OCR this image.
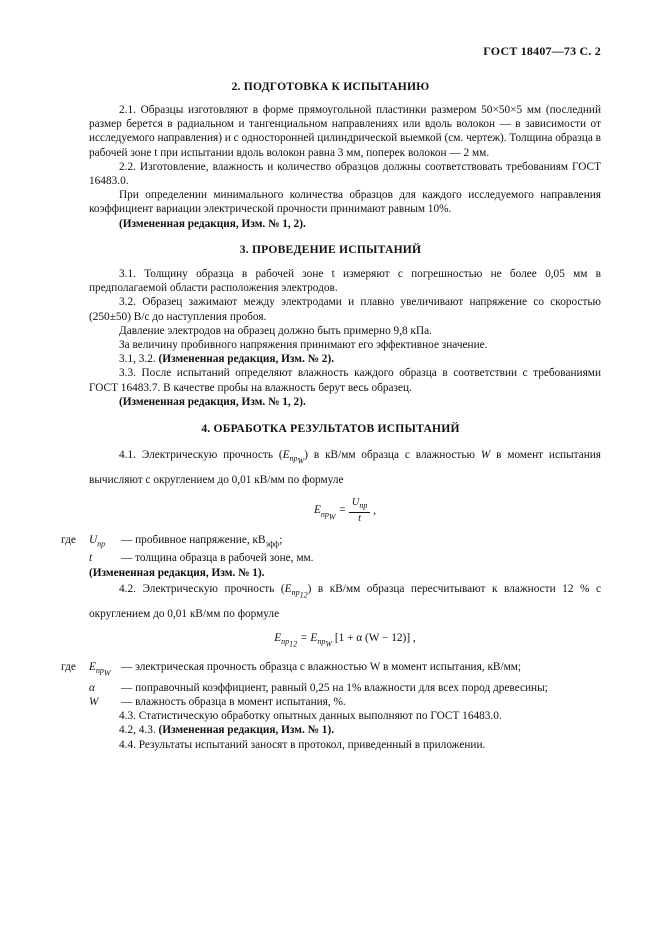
ГОСТ 18407—73 С. 2
2. ПОДГОТОВКА К ИСПЫТАНИЮ

2.1. Образцы изготовляют в форме прямоугольной пластинки размером 50×50×5 мм (последний размер берется в радиальном и тангенциальном направлениях или вдоль волокон — в зависимости от исследуемого направления) и с односторонней цилиндрической выемкой (см. чертеж). Толщина образца в рабочей зоне t при испытании вдоль волокон равна 3 мм, поперек волокон — 2 мм.

2.2. Изготовление, влажность и количество образцов должны соответствовать требованиям ГОСТ 16483.0.

При определении минимального количества образцов для каждого исследуемого направления коэффициент вариации электрической прочности принимают равным 10%.

(Измененная редакция, Изм. № 1, 2).

3. ПРОВЕДЕНИЕ ИСПЫТАНИЙ

3.1. Толщину образца в рабочей зоне t измеряют с погрешностью не более 0,05 мм в предполагаемой области расположения электродов.

3.2. Образец зажимают между электродами и плавно увеличивают напряжение со скоростью (250±50) В/с до наступления пробоя.

Давление электродов на образец должно быть примерно 9,8 кПа.

За величину пробивного напряжения принимают его эффективное значение.

3.1, 3.2. (Измененная редакция, Изм. № 2).

3.3. После испытаний определяют влажность каждого образца в соответствии с требованиями ГОСТ 16483.7. В качестве пробы на влажность берут весь образец.

(Измененная редакция, Изм. № 1, 2).

4. ОБРАБОТКА РЕЗУЛЬТАТОВ ИСПЫТАНИЙ

4.1. Электрическую прочность $(E_{пр_W})$ в кВ/мм образца с влажностью W в момент испытания вычисляют с округлением до 0,01 кВ/мм по формуле

$E_{пр_W} = \frac{U_{пр}}{t}$ ,
где $U_{пр}$ — пробивное напряжение, $кВ_{эфф}$;
t	— толщина образца в рабочей зоне, мм.

(Измененная редакция, Изм. № 1).

4.2. Электрическую прочность $(E_{пр_{12}})$ в кВ/мм образца пересчитывают к влажности 12 % с округлением до 0,01 кВ/мм по формуле

$E_{пр_{12}} = E_{пр_W}$ [1 + α (W − 12)] ,
где $E_{пр_W}—$ электрическая прочность образца с влажностью W в момент испытания, кВ/мм;
α — поправочный коэффициент, равный 0,25 на 1% влажности для всех пород древесины;
W — влажность образца в момент испытания, %.

4.3. Статистическую обработку опытных данных выполняют по ГОСТ 16483.0.

4.2, 4.3. (Измененная редакция, Изм. № 1).

4.4. Результаты испытаний заносят в протокол, приведенный в приложении.
